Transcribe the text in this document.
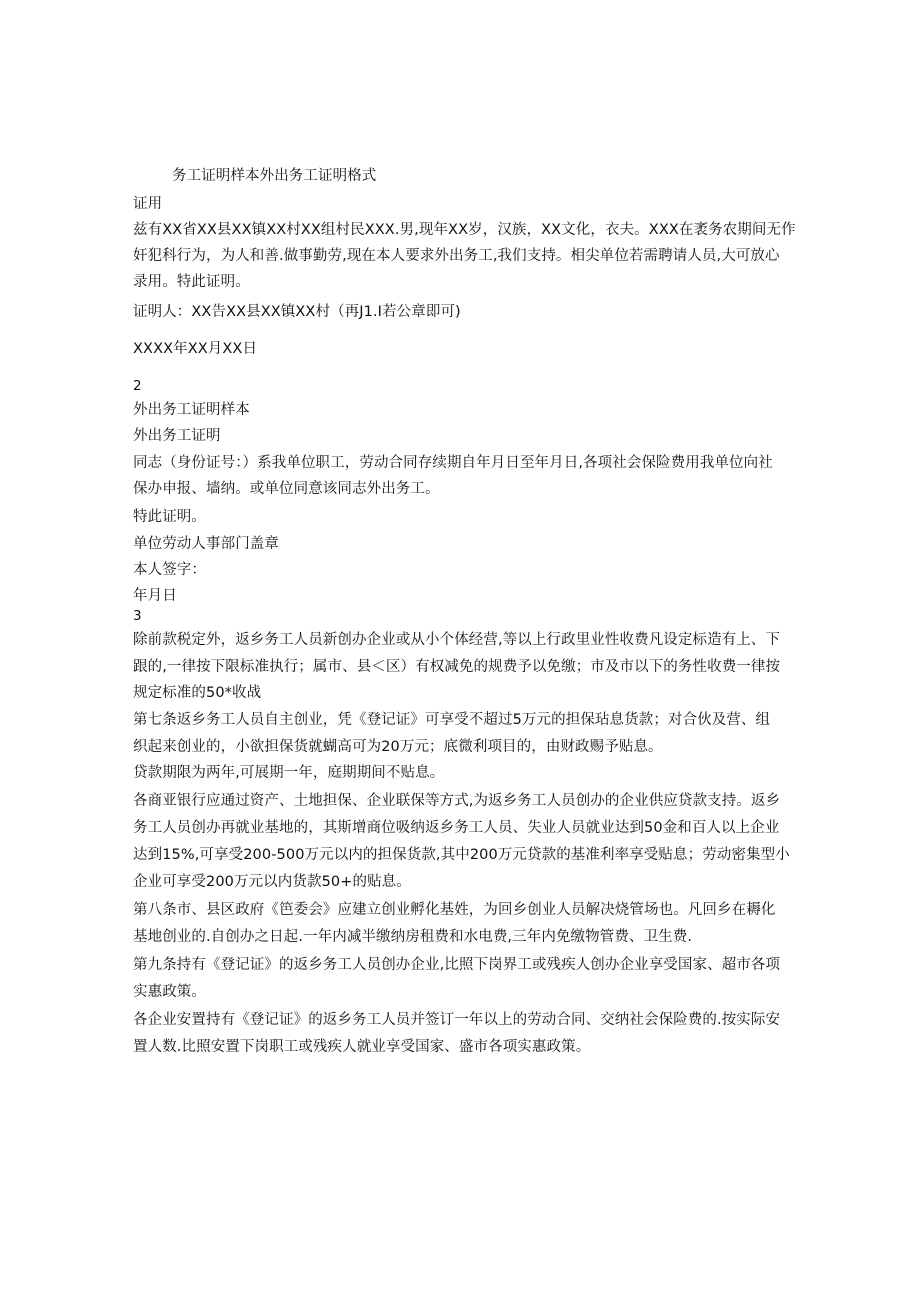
务工证明样本外出务工证明格式
证用
兹有XX省XX县XX镇XX村XX组村民XXX.男,现年XX岁，汉族，XX文化，衣夫。XXX在袤务农期间无作
奸犯科行为，为人和善.做事勤劳,现在本人要求外出务工,我们支持。相尖单位若需聘请人员,大可放心
录用。特此证明。
证明人：XX告XX县XX镇XX村（再J1.I若公章即可)
XXXX年XX月XX日
2
外出务工证明样本
外出务工证明
同志（身份证号：）系我单位职工，劳动合同存续期自年月日至年月日,各项社会保险费用我单位向社
保办申报、墙纳。或单位同意该同志外出务工。
特此证明。
单位劳动人事部门盖章
本人签字：
年月日
3
除前款税定外，返乡务工人员新创办企业或从小个体经营,等以上行政里业性收费凡设定标造有上、下
跟的,一律按下限标准执行；属市、县＜区）有权减免的规费予以免缴；市及市以下的务性收费一律按
规定标准的50*收战
第七条返乡务工人员自主创业，凭《登记证》可享受不超过5万元的担保玷息货款；对合伙及营、组
织起来创业的，小欲担保货就蝴高可为20万元；底微利项目的，由财政赐予贴息。
贷款期限为两年,可展期一年，庭期期间不贴息。
各商亚银行应通过资产、土地担保、企业联保等方式,为返乡务工人员创办的企业供应贷款支持。返乡
务工人员创办再就业基地的，其斯增商位吸纳返乡务工人员、失业人员就业达到50金和百人以上企业
达到15%,可享受200-500万元以内的担保货款,其中200万元贷款的基准利率享受贴息；劳动密集型小
企业可享受200万元以内货款50+的贴息。
第八条市、县区政府《笆委会》应建立创业孵化基姓，为回乡创业人员解决烧管场也。凡回乡在耨化
基地创业的.自创办之日起.一年内减半缴纳房租费和水电费,三年内免缴物管费、卫生费.
第九条持有《登记证》的返乡务工人员创办企业,比照下岗界工或残疾人创办企业享受国家、超市各项
实惠政策。
各企业安置持有《登记证》的返乡务工人员并签订一年以上的劳动合同、交纳社会保险费的.按实际安
置人数.比照安置下岗职工或残疾人就业享受国家、盛市各项实惠政策。
